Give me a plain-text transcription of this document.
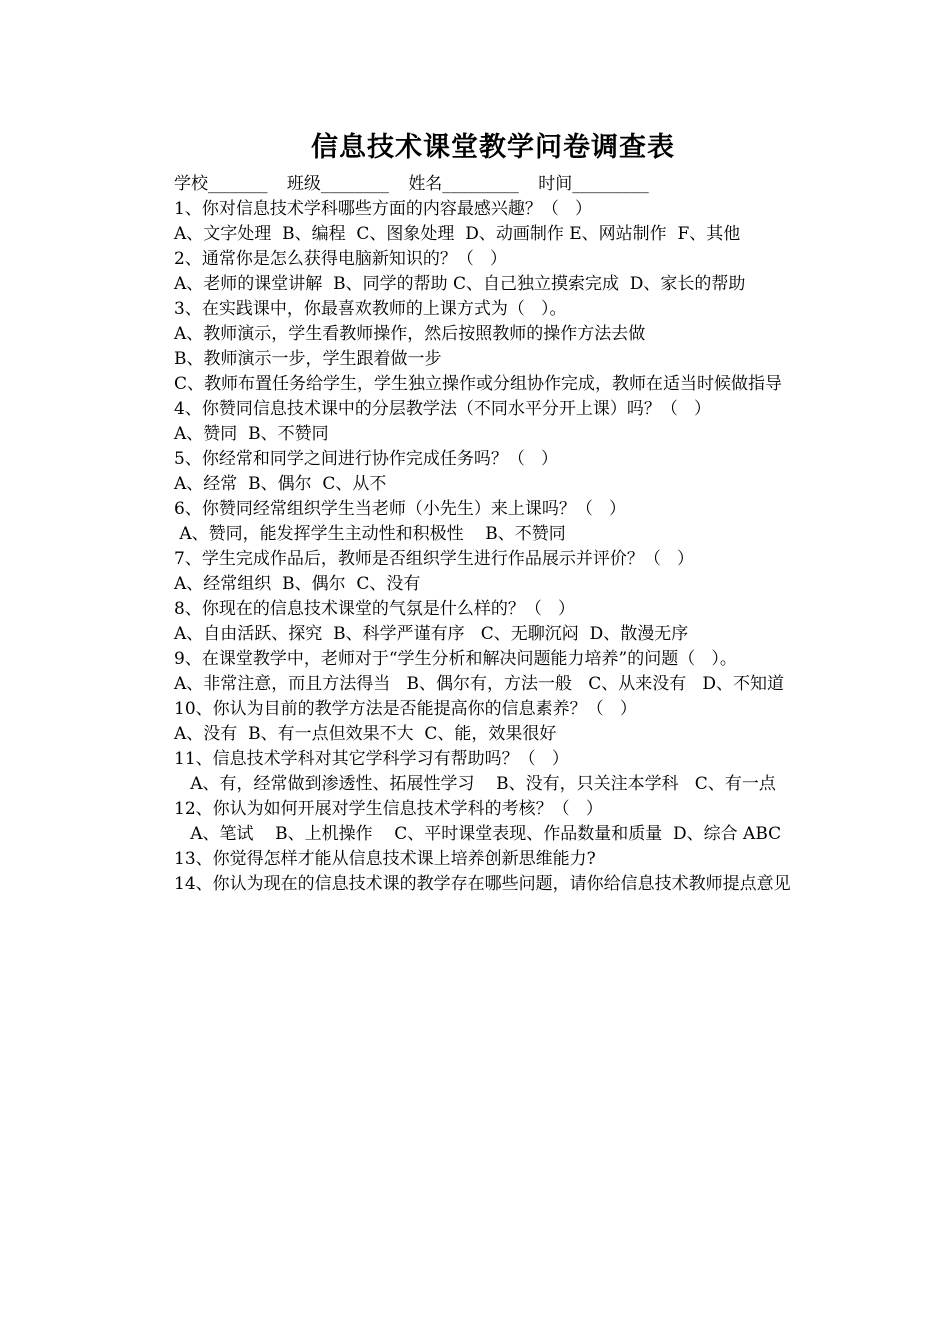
信息技术课堂教学问卷调查表
学校_______ 班级________ 姓名_________ 时间_________
1、你对信息技术学科哪些方面的内容最感兴趣？（   ）
A、文字处理  B、编程  C、图象处理  D、动画制作 E、网站制作  F、其他
2、通常你是怎么获得电脑新知识的？（   ）
A、老师的课堂讲解  B、同学的帮助 C、自己独立摸索完成  D、家长的帮助
3、在实践课中，你最喜欢教师的上课方式为（   ）。
A、教师演示，学生看教师操作，然后按照教师的操作方法去做
B、教师演示一步，学生跟着做一步
C、教师布置任务给学生，学生独立操作或分组协作完成，教师在适当时候做指导
4、你赞同信息技术课中的分层教学法（不同水平分开上课）吗？（   ）
A、赞同  B、不赞同
5、你经常和同学之间进行协作完成任务吗？（   ）
A、经常  B、偶尔  C、从不
6、你赞同经常组织学生当老师（小先生）来上课吗？（   ）
A、赞同，能发挥学生主动性和积极性    B、不赞同
7、学生完成作品后，教师是否组织学生进行作品展示并评价？（   ）
A、经常组织  B、偶尔  C、没有
8、你现在的信息技术课堂的气氛是什么样的？（   ）
A、自由活跃、探究  B、科学严谨有序   C、无聊沉闷  D、散漫无序
9、在课堂教学中，老师对于“学生分析和解决问题能力培养”的问题（   ）。
A、非常注意，而且方法得当   B、偶尔有，方法一般   C、从来没有   D、不知道
10、你认为目前的教学方法是否能提高你的信息素养？（   ）
A、没有  B、有一点但效果不大  C、能，效果很好
11、信息技术学科对其它学科学习有帮助吗？（   ）
A、有，经常做到渗透性、拓展性学习    B、没有，只关注本学科   C、有一点
12、你认为如何开展对学生信息技术学科的考核？（   ）
A、笔试    B、上机操作    C、平时课堂表现、作品数量和质量  D、综合 ABC
13、你觉得怎样才能从信息技术课上培养创新思维能力?
14、你认为现在的信息技术课的教学存在哪些问题，请你给信息技术教师提点意见
